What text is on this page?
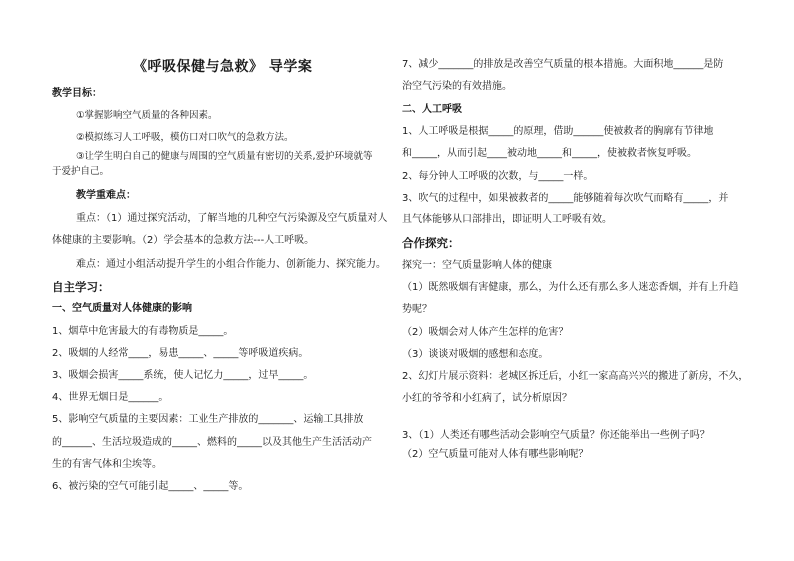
《呼吸保健与急救》 导学案
教学目标：
①掌握影响空气质量的各种因素。
②模拟练习人工呼吸，模仿口对口吹气的急救方法。
③让学生明白自己的健康与周围的空气质量有密切的关系,爱护环境就等
于爱护自己。
教学重难点：
重点：（1）通过探究活动，了解当地的几种空气污染源及空气质量对人
体健康的主要影响。（2）学会基本的急救方法---人工呼吸。
难点：通过小组活动提升学生的小组合作能力、创新能力、探究能力。
自主学习：
一、空气质量对人体健康的影响
1、烟草中危害最大的有毒物质是_____。
2、吸烟的人经常____，易患_____、_____等呼吸道疾病。
3、吸烟会损害_____系统，使人记忆力_____，过早_____。
4、世界无烟日是______。
5、影响空气质量的主要因素：工业生产排放的_______、运输工具排放
的______、生活垃圾造成的_____、燃料的_____以及其他生产生活活动产
生的有害气体和尘埃等。
6、被污染的空气可能引起_____、_____等。
7、减少_______的排放是改善空气质量的根本措施。大面积地______是防
治空气污染的有效措施。
二、人工呼吸
1、人工呼吸是根据_____的原理，借助______使被救者的胸廓有节律地
和_____，从而引起____被动地_____和_____，使被救者恢复呼吸。
2、每分钟人工呼吸的次数，与_____一样。
3、吹气的过程中，如果被救者的_____能够随着每次吹气而略有_____，并
且气体能够从口部排出，即证明人工呼吸有效。
合作探究：
探究一：空气质量影响人体的健康
（1）既然吸烟有害健康，那么，为什么还有那么多人迷恋香烟，并有上升趋
势呢？
（2）吸烟会对人体产生怎样的危害？
（3）谈谈对吸烟的感想和态度。
2、幻灯片展示资料：老城区拆迁后，小红一家高高兴兴的搬进了新房，不久，
小红的爷爷和小红病了，试分析原因？
3、（1）人类还有哪些活动会影响空气质量？你还能举出一些例子吗？
（2）空气质量可能对人体有哪些影响呢？
